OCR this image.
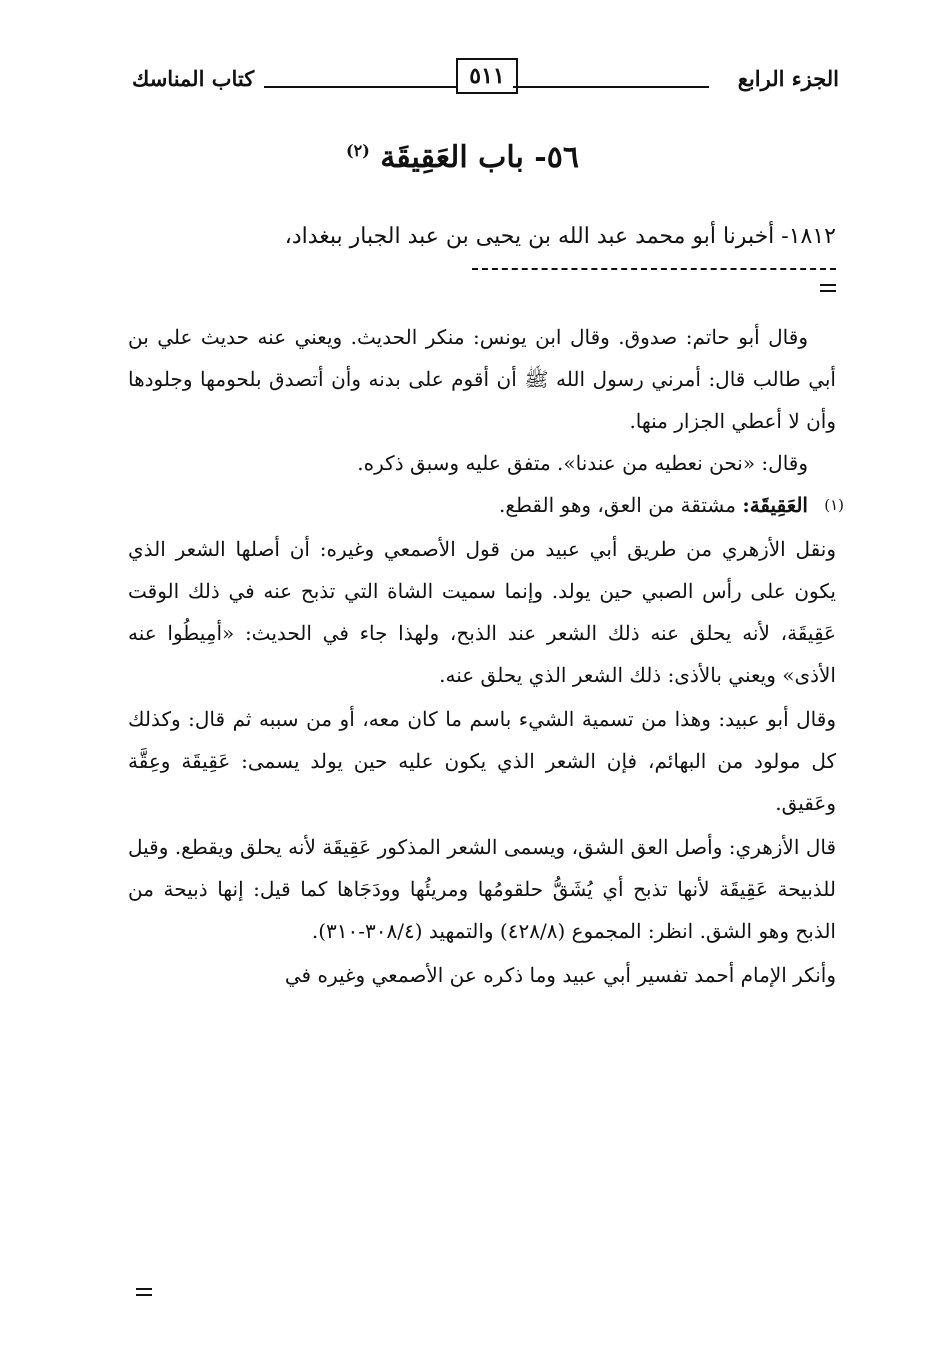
الجزء الرابع
٥١١
كتاب المناسك
٥٦- باب العَقِيقَة $^{(٢)}$
١٨١٢- أخبرنا أبو محمد عبد الله بن يحيى بن عبد الجبار ببغداد،

وقال أبو حاتم: صدوق. وقال ابن يونس: منكر الحديث. ويعني عنه حديث علي بن أبي طالب قال: أمرني رسول الله ﷺ أن أقوم على بدنه وأن أتصدق بلحومها وجلودها وأن لا أعطي الجزار منها.

وقال: «نحن نعطيه من عندنا». متفق عليه وسبق ذكره.

(١)
العَقِيقَة: مشتقة من العق، وهو القطع.

ونقل الأزهري من طريق أبي عبيد من قول الأصمعي وغيره: أن أصلها الشعر الذي يكون على رأس الصبي حين يولد. وإنما سميت الشاة التي تذبح عنه في ذلك الوقت عَقِيقَة، لأنه يحلق عنه ذلك الشعر عند الذبح، ولهذا جاء في الحديث: «أمِيطُوا عنه الأذى» ويعني بالأذى: ذلك الشعر الذي يحلق عنه.

وقال أبو عبيد: وهذا من تسمية الشيء باسم ما كان معه، أو من سببه ثم قال: وكذلك كل مولود من البهائم، فإن الشعر الذي يكون عليه حين يولد يسمى: عَقِيقَة وعِقَّة وعَقيق.

قال الأزهري: وأصل العق الشق، ويسمى الشعر المذكور عَقِيقَة لأنه يحلق ويقطع. وقيل للذبيحة عَقِيقَة لأنها تذبح أي يُشَقُّ حلقومُها ومريئُها وودَجَاها كما قيل: إنها ذبيحة من الذبح وهو الشق. انظر: المجموع (٤٢٨/٨) والتمهيد (٣٠٨/٤-٣١٠).

وأنكر الإمام أحمد تفسير أبي عبيد وما ذكره عن الأصمعي وغيره في
